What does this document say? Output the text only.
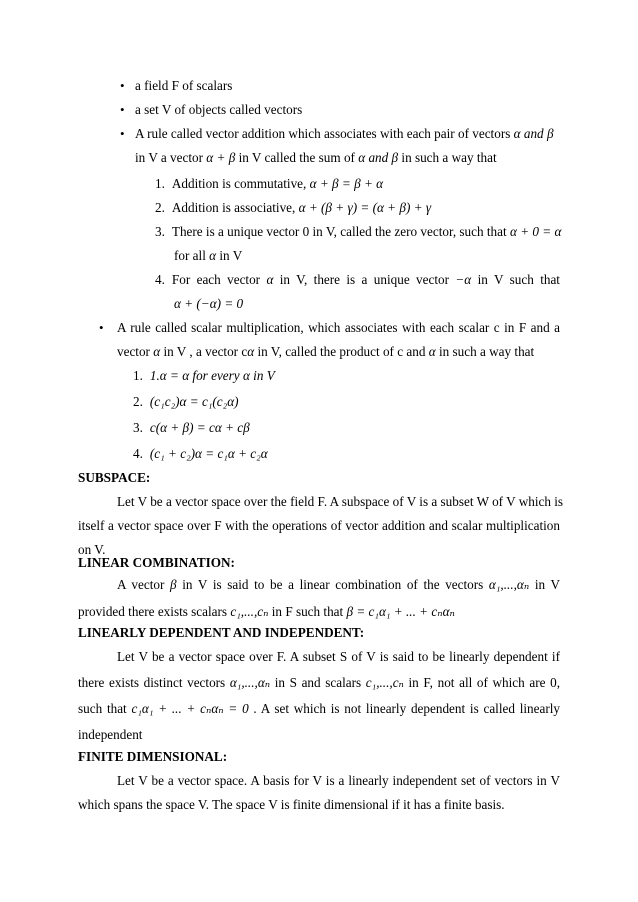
• a field F of scalars
• a set V of objects called vectors
• A rule called vector addition which associates with each pair of vectors α and β
in V a vector α + β in V called the sum of α and β in such a way that
1. Addition is commutative, α + β = β + α
2. Addition is associative, α + (β + γ) = (α + β) + γ
3. There is a unique vector 0 in V, called the zero vector, such that α + 0 = α
for all α in V
4. For each vector α in V, there is a unique vector −α in V such that
α + (−α) = 0
• A rule called scalar multiplication, which associates with each scalar c in F and a
vector α in V , a vector cα in V, called the product of c and α in such a way that
1. 1.α = α for every α in V
2. (c₁c₂)α = c₁(c₂α)
3. c(α + β) = cα + cβ
4. (c₁ + c₂)α = c₁α + c₂α
SUBSPACE:
Let V be a vector space over the field F. A subspace of V is a subset W of V which is
itself a vector space over F with the operations of vector addition and scalar multiplication
on V.
LINEAR COMBINATION:
A vector β in V is said to be a linear combination of the vectors α₁,...,αₙ in V
provided there exists scalars c₁,...,cₙ in F such that β = c₁α₁ + ... + cₙαₙ
LINEARLY DEPENDENT AND INDEPENDENT:
Let V be a vector space over F. A subset S of V is said to be linearly dependent if
there exists distinct vectors α₁,...,αₙ in S and scalars c₁,...,cₙ in F, not all of which are 0,
such that c₁α₁ + ... + cₙαₙ = 0 . A set which is not linearly dependent is called linearly
independent
FINITE DIMENSIONAL:
Let V be a vector space. A basis for V is a linearly independent set of vectors in V
which spans the space V. The space V is finite dimensional if it has a finite basis.
